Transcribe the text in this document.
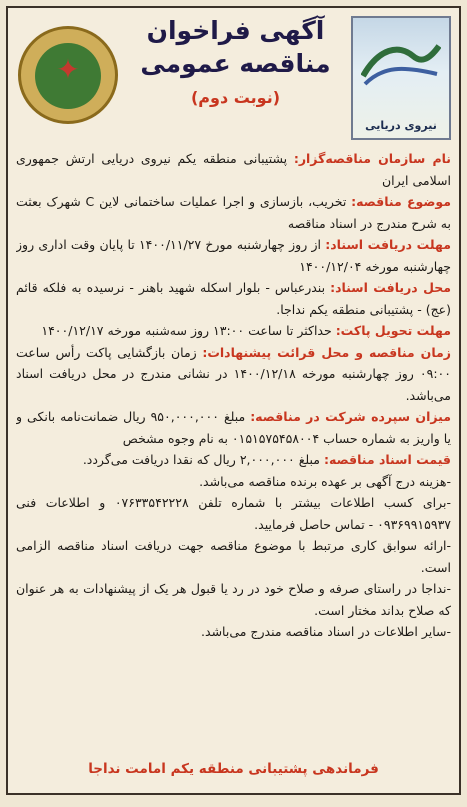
✦
آگهی فراخوان
مناقصه عمومی
(نوبت دوم)
نیروی دریایی

نام سازمان مناقصه‌گزار: پشتیبانی منطقه یکم نیروی دریایی ارتش جمهوری اسلامی ایران

موضوع مناقصه: تخریب، بازسازی و اجرا عملیات ساختمانی لاین C شهرک بعثت به شرح مندرج در اسناد مناقصه

مهلت دریافت اسناد: از روز چهارشنبه مورخ ۱۴۰۰/۱۱/۲۷ تا پایان وقت اداری روز چهارشنبه مورخه ۱۴۰۰/۱۲/۰۴

محل دریافت اسناد: بندرعباس - بلوار اسکله شهید باهنر - نرسیده به فلکه قائم (عج) - پشتیبانی منطقه یکم نداجا.

مهلت تحویل پاکت: حداکثر تا ساعت ۱۳:۰۰ روز سه‌شنبه مورخه ۱۴۰۰/۱۲/۱۷

زمان مناقصه و محل قرائت پیشنهادات: زمان بازگشایی پاکت رأس ساعت ۰۹:۰۰ روز چهارشنبه مورخه ۱۴۰۰/۱۲/۱۸ در نشانی مندرج در محل دریافت اسناد می‌باشد.

میزان سپرده شرکت در مناقصه: مبلغ ۹۵۰,۰۰۰,۰۰۰ ریال ضمانت‌نامه بانکی و یا واریز به شماره حساب ۰۱۵۱۵۷۵۴۵۸۰۰۴ به نام وجوه مشخص

قیمت اسناد مناقصه: مبلغ ۲,۰۰۰,۰۰۰ ریال که نقدا دریافت می‌گردد.

-هزینه درج آگهی بر عهده برنده مناقصه می‌باشد.

-برای کسب اطلاعات بیشتر با شماره تلفن ۰۷۶۳۳۵۴۲۲۲۸ و اطلاعات فنی ۰۹۳۶۹۹۱۵۹۳۷ - تماس حاصل فرمایید.

-ارائه سوابق کاری مرتبط با موضوع مناقصه جهت دریافت اسناد مناقصه الزامی است.

-نداجا در راستای صرفه و صلاح خود در رد یا قبول هر یک از پیشنهادات به هر عنوان که صلاح بداند مختار است.

-سایر اطلاعات در اسناد مناقصه مندرج می‌باشد.

فرماندهی پشتیبانی منطقه یکم امامت نداجا
